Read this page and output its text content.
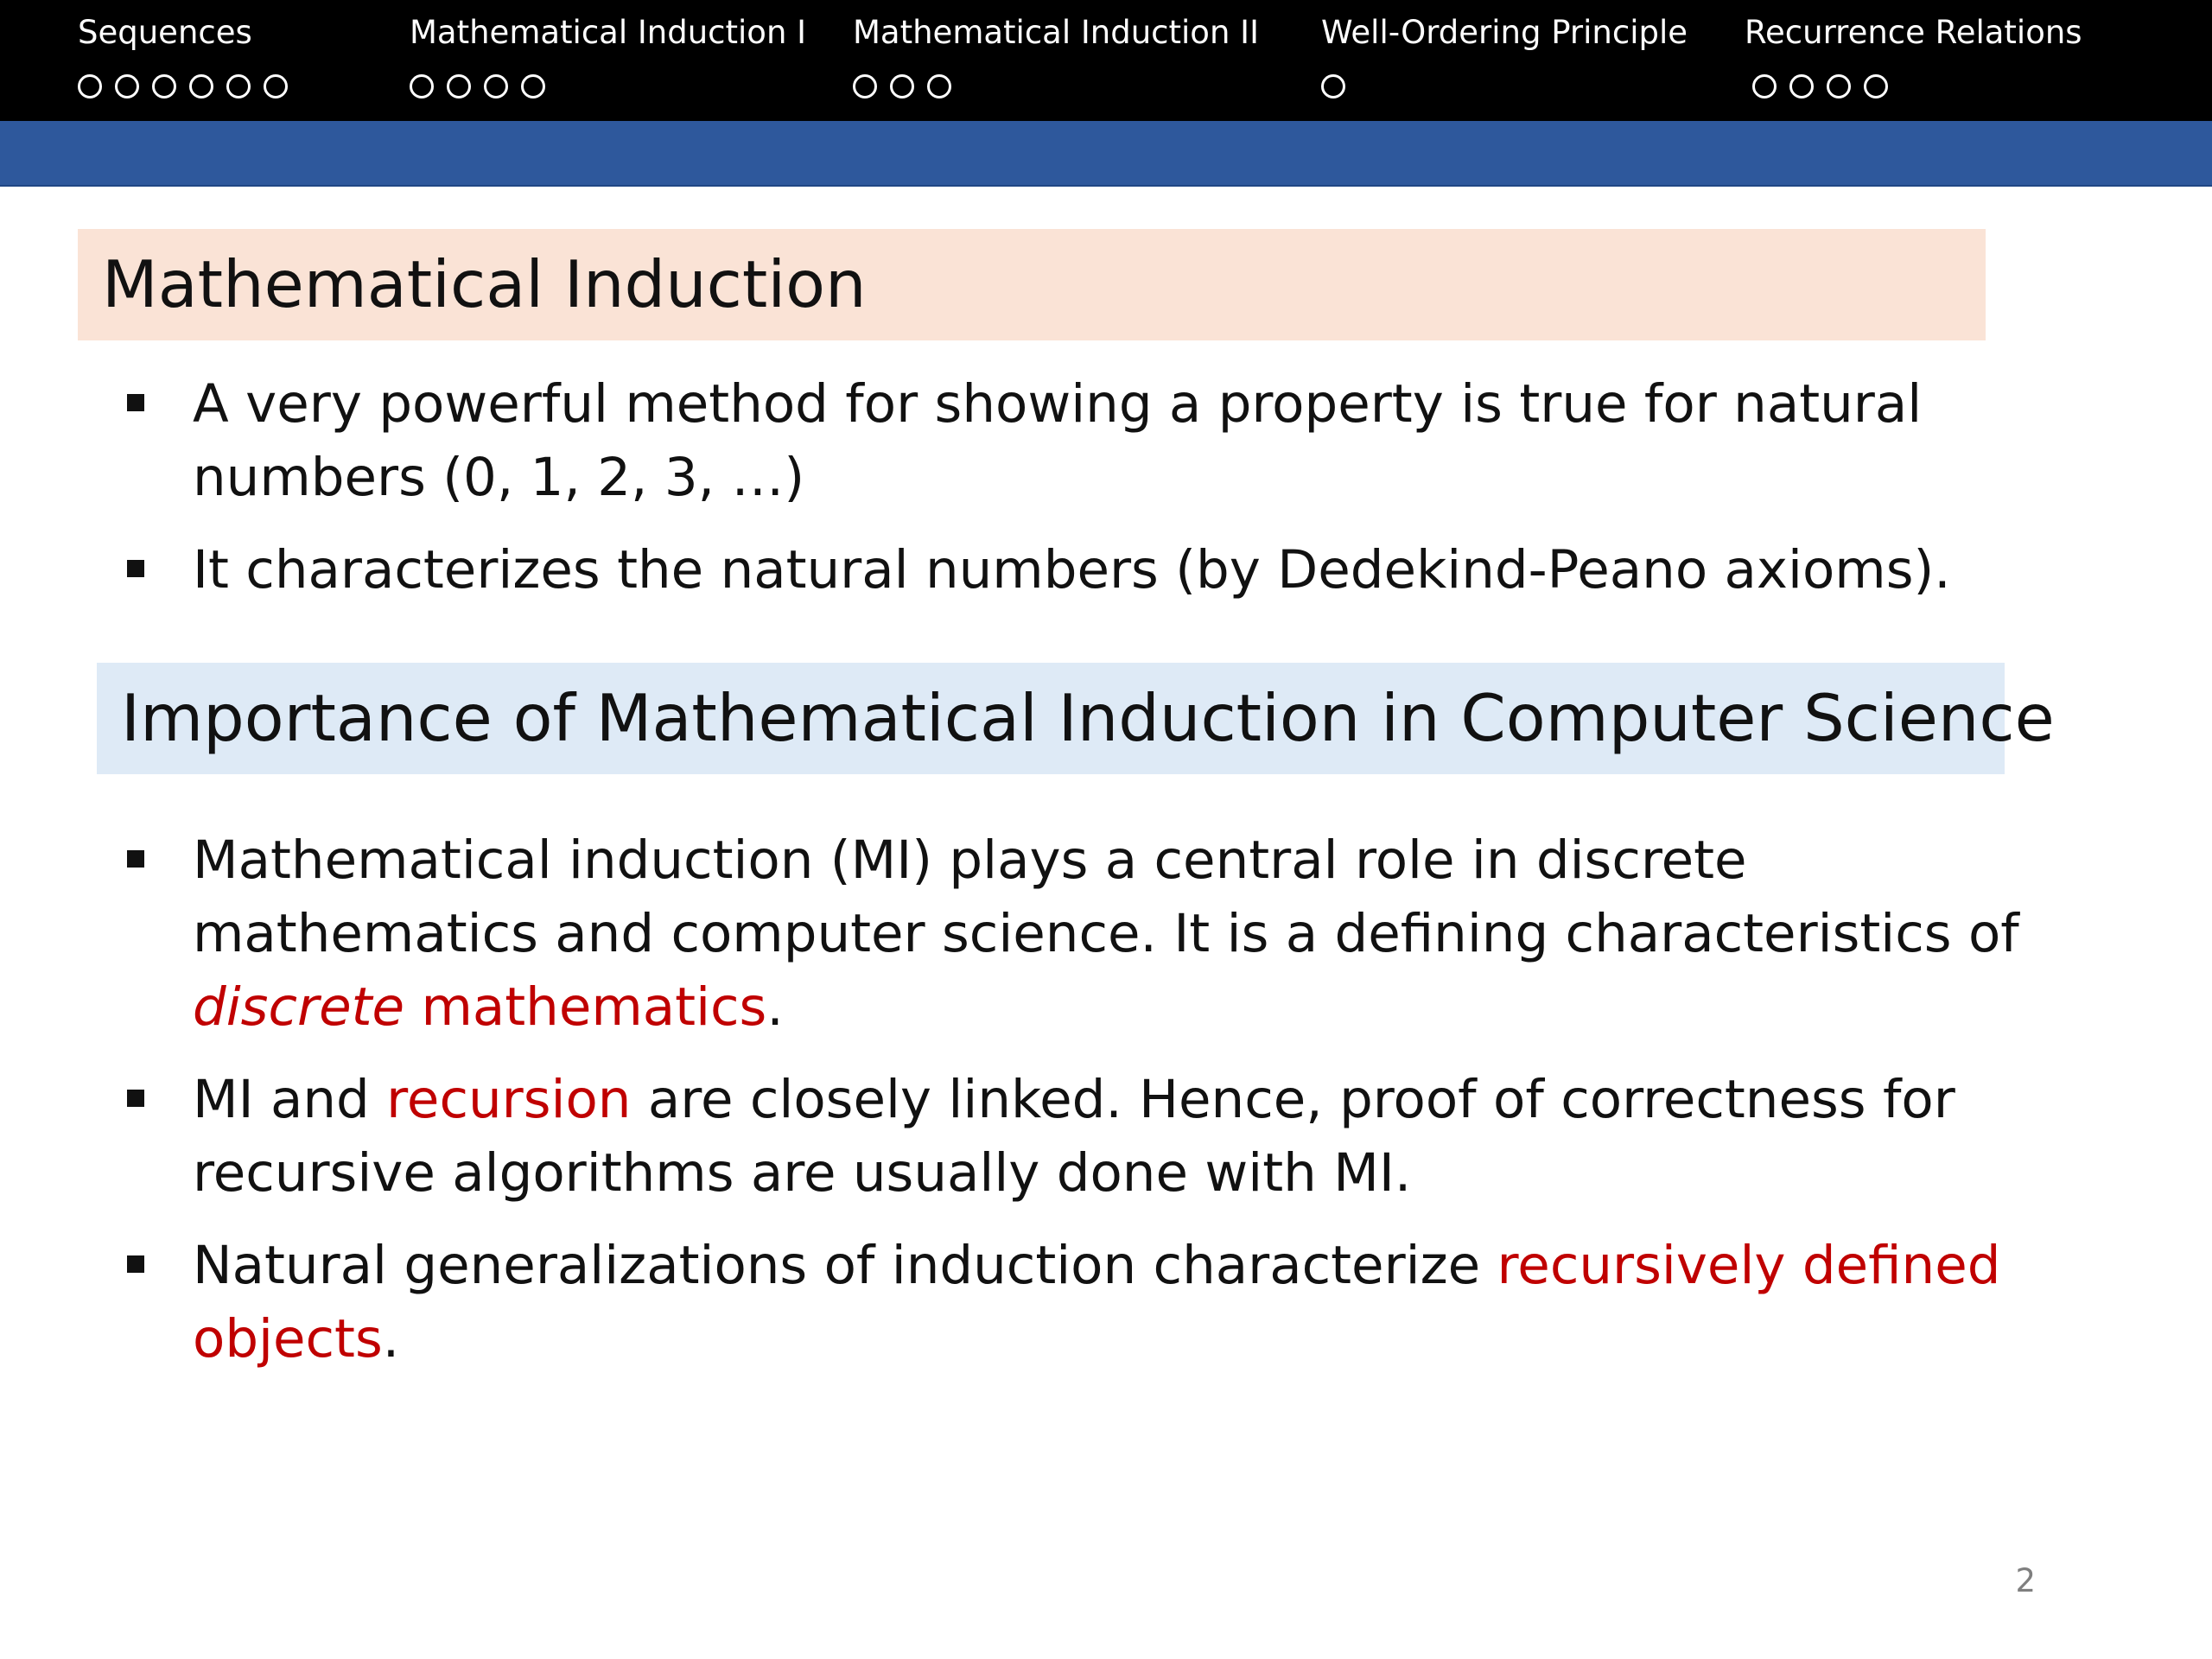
Sequences	Mathematical Induction I Mathematical Induction II Well-Ordering Principle Recurrence Relations
Mathematical Induction
A very powerful method for showing a property is true for natural numbers (0, 1, 2, 3, …)
It characterizes the natural numbers (by Dedekind-Peano axioms).
Importance of Mathematical Induction in Computer Science
Mathematical induction (MI) plays a central role in discrete mathematics and computer science. It is a defining characteristics of discrete mathematics.
MI and recursion are closely linked. Hence, proof of correctness for recursive algorithms are usually done with MI.
Natural generalizations of induction characterize recursively defined objects.
2
